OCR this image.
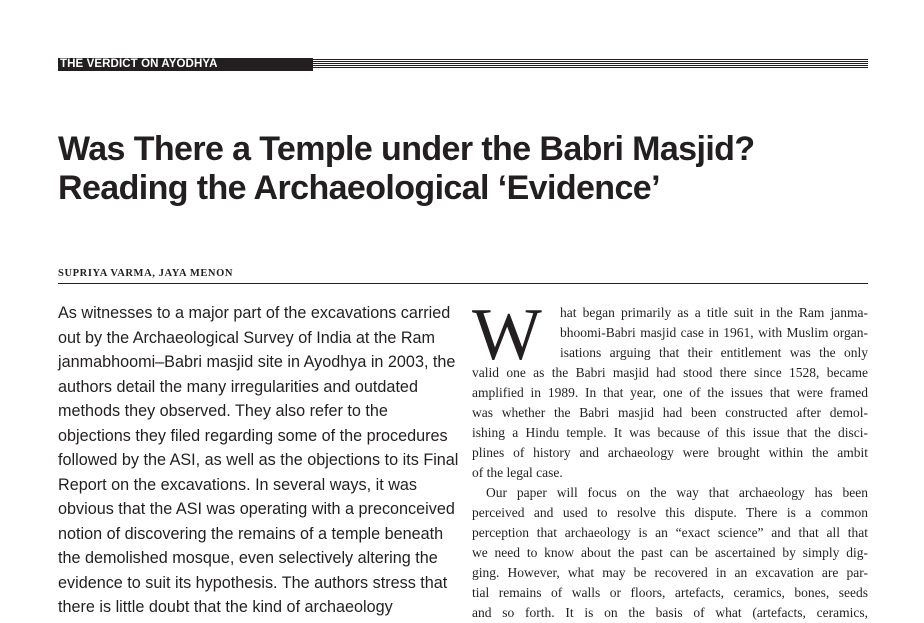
THE VERDICT ON AYODHYA
Was There a Temple under the Babri Masjid?
Reading the Archaeological ‘Evidence’
SUPRIYA VARMA, JAYA MENON
As witnesses to a major part of the excavations carried
out by the Archaeological Survey of India at the Ram
janmabhoomi–Babri masjid site in Ayodhya in 2003, the
authors detail the many irregularities and outdated
methods they observed. They also refer to the
objections they filed regarding some of the procedures
followed by the ASI, as well as the objections to its Final
Report on the excavations. In several ways, it was
obvious that the ASI was operating with a preconceived
notion of discovering the remains of a temple beneath
the demolished mosque, even selectively altering the
evidence to suit its hypothesis. The authors stress that
there is little doubt that the kind of archaeology
W	hat began primarily as a title suit in the Ram janma-
bhoomi-Babri masjid case in 1961, with Muslim organ-
isations arguing that their entitlement was the only
valid one as the Babri masjid had stood there since 1528, became
amplified in 1989. In that year, one of the issues that were framed
was whether the Babri masjid had been constructed after demol-
ishing a Hindu temple. It was because of this issue that the disci-
plines of history and archaeology were brought within the ambit
of the legal case.
Our paper will focus on the way that archaeology has been
perceived and used to resolve this dispute. There is a common
perception that archaeology is an “exact science” and that all that
we need to know about the past can be ascertained by simply dig-
ging. However, what may be recovered in an excavation are par-
tial remains of walls or floors, artefacts, ceramics, bones, seeds
and so forth. It is on the basis of what (artefacts, ceramics,
